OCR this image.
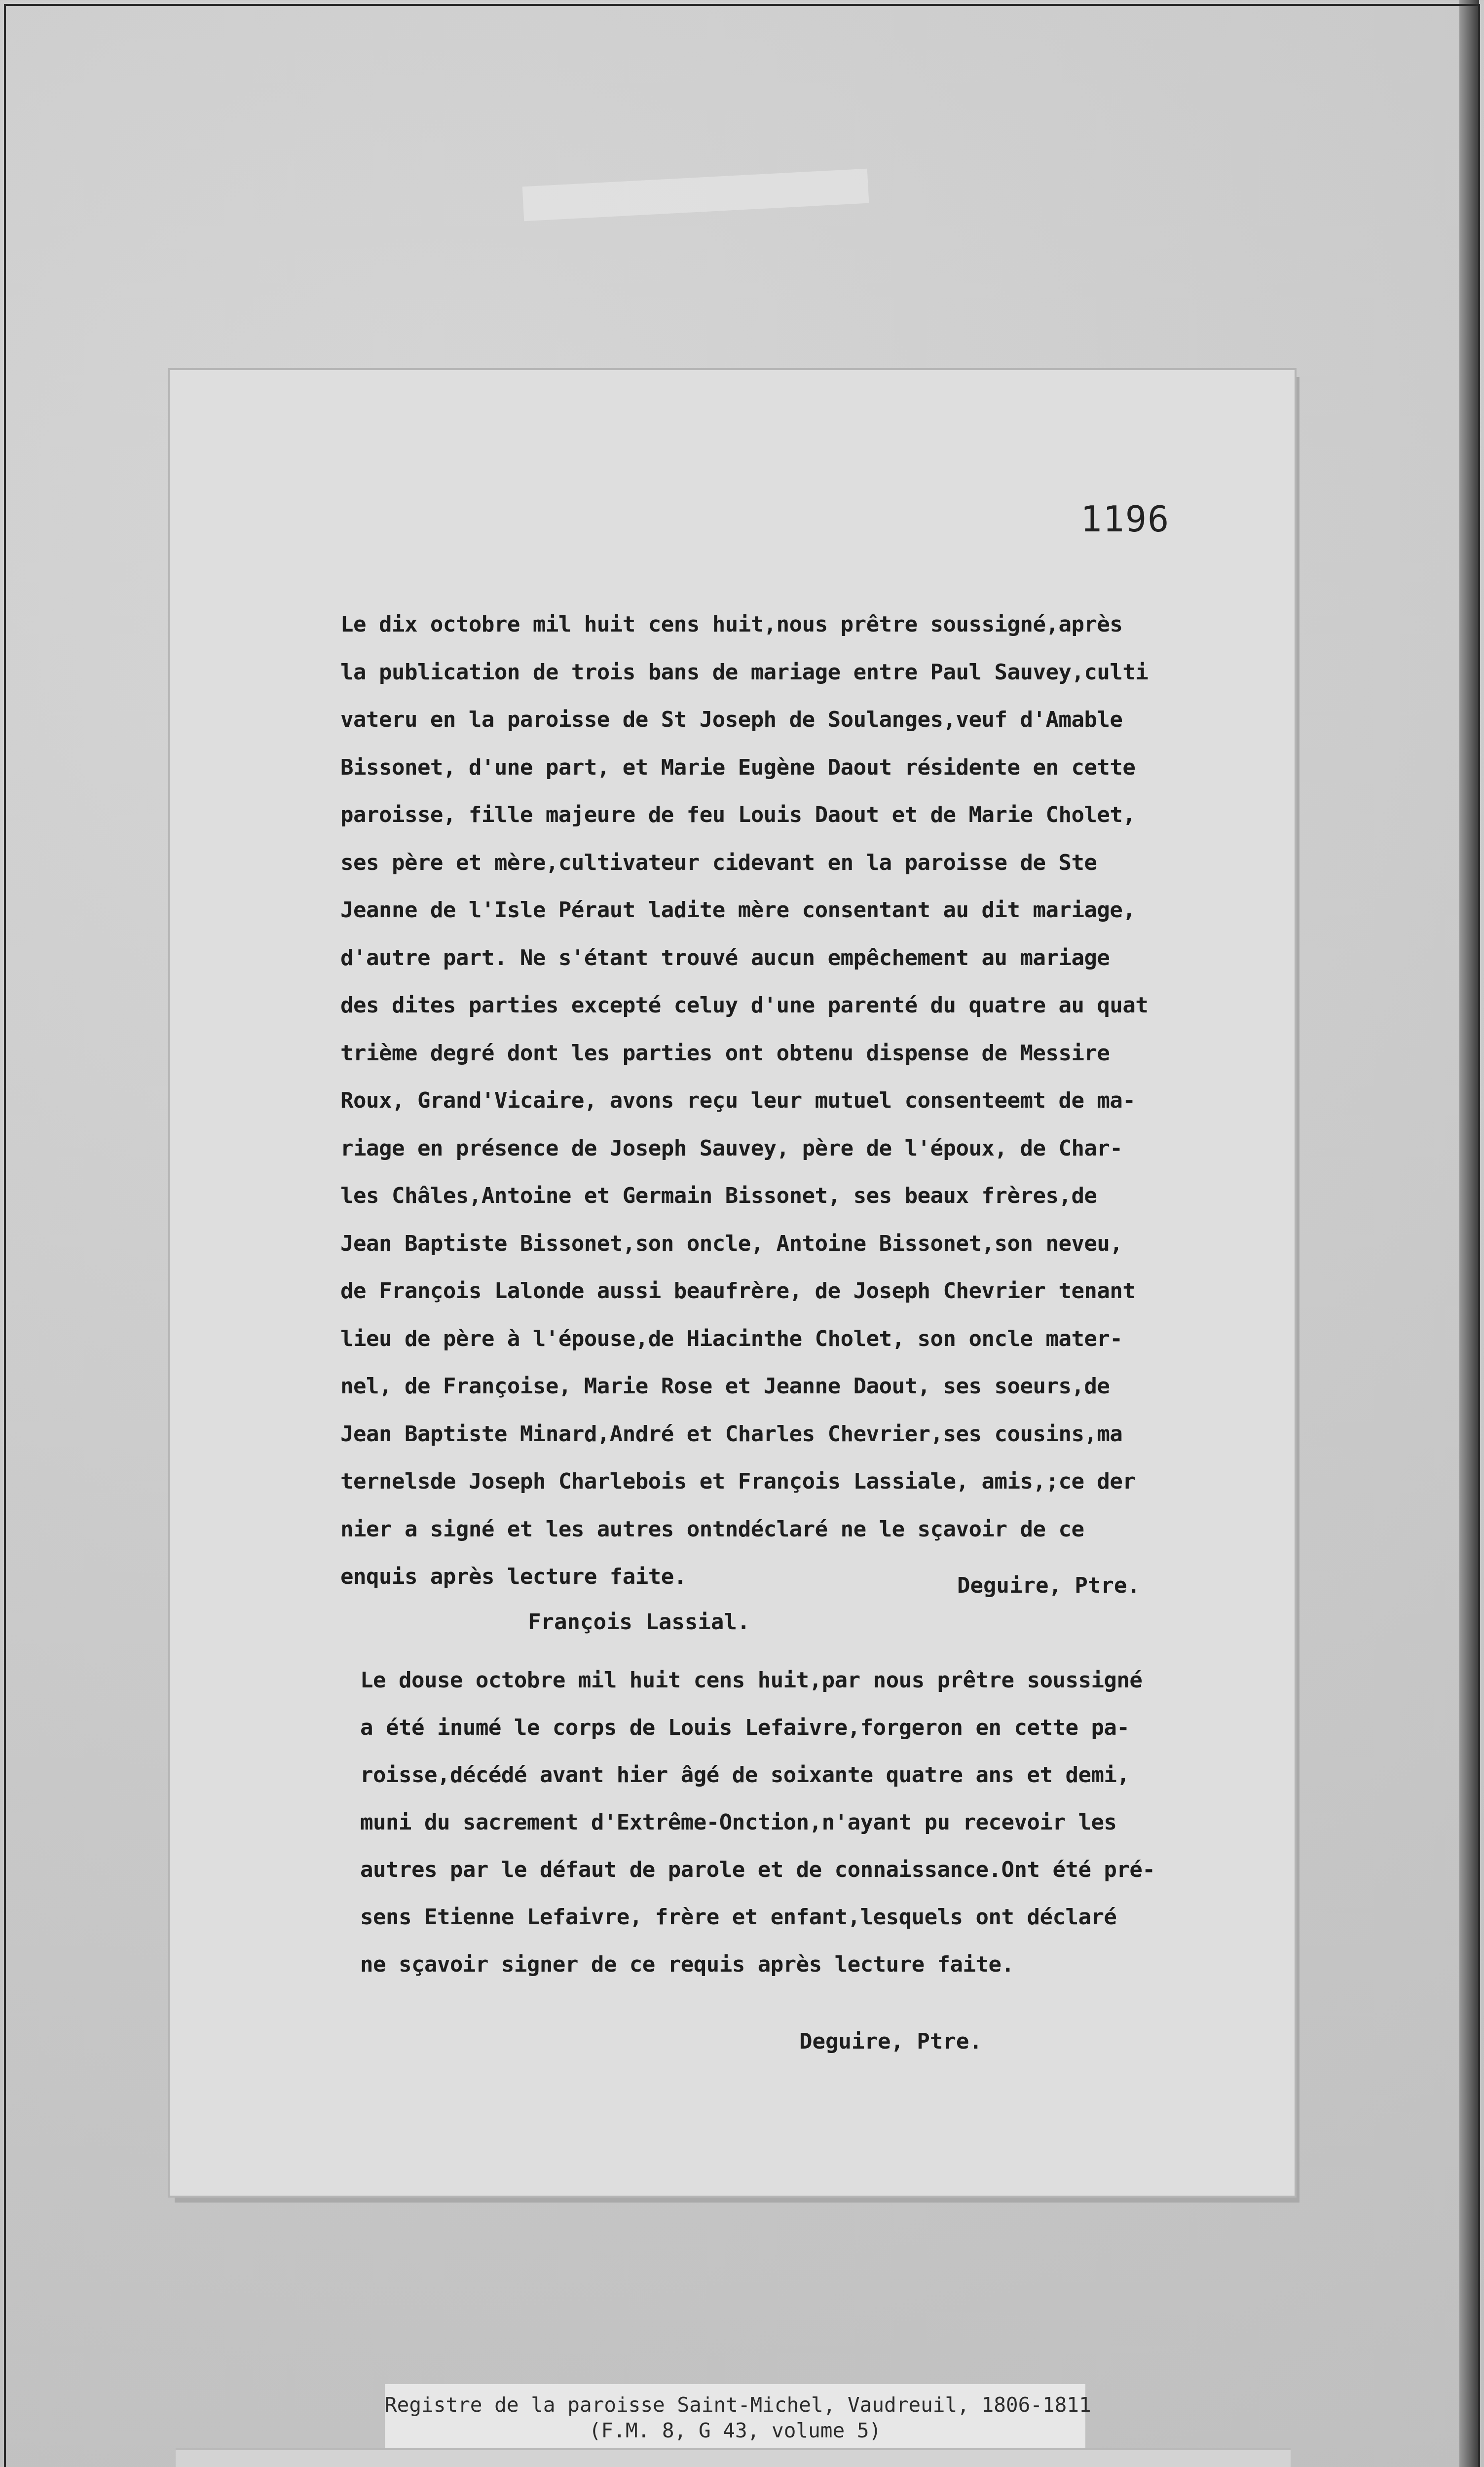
1196
Le dix octobre mil huit cens huit,nous prêtre soussigné,après
la publication de trois bans de mariage entre Paul Sauvey,culti
vateru en la paroisse de St Joseph de Soulanges,veuf d'Amable
Bissonet, d'une part, et Marie Eugène Daout résidente en cette
paroisse, fille majeure de feu Louis Daout et de Marie Cholet,
ses père et mère,cultivateur cidevant en la paroisse de Ste
Jeanne de l'Isle Péraut ladite mère consentant au dit mariage,
d'autre part. Ne s'étant trouvé aucun empêchement au mariage
des dites parties excepté celuy d'une parenté du quatre au quat
trième degré dont les parties ont obtenu dispense de Messire
Roux, Grand'Vicaire, avons reçu leur mutuel consenteemt de ma-
riage en présence de Joseph Sauvey, père de l'époux, de Char-
les Châles,Antoine et Germain Bissonet, ses beaux frères,de
Jean Baptiste Bissonet,son oncle, Antoine Bissonet,son neveu,
de François Lalonde aussi beaufrère, de Joseph Chevrier tenant
lieu de père à l'épouse,de Hiacinthe Cholet, son oncle mater-
nel, de Françoise, Marie Rose et Jeanne Daout, ses soeurs,de
Jean Baptiste Minard,André et Charles Chevrier,ses cousins,ma
ternelsde Joseph Charlebois et François Lassiale, amis,;ce der
nier a signé et les autres ontndéclaré ne le sçavoir de ce
enquis après lecture faite.	Deguire, Ptre.
François Lassial.
Le douse octobre mil huit cens huit,par nous prêtre soussigné
a été inumé le corps de Louis Lefaivre,forgeron en cette pa-
roisse,décédé avant hier âgé de soixante quatre ans et demi,
muni du sacrement d'Extrême-Onction,n'ayant pu recevoir les
autres par le défaut de parole et de connaissance.Ont été pré-
sens Etienne Lefaivre, frère et enfant,lesquels ont déclaré
ne sçavoir signer de ce requis après lecture faite.
Deguire, Ptre.
Registre de la paroisse Saint-Michel, Vaudreuil, 1806-1811
(F.M. 8, G 43, volume 5)
